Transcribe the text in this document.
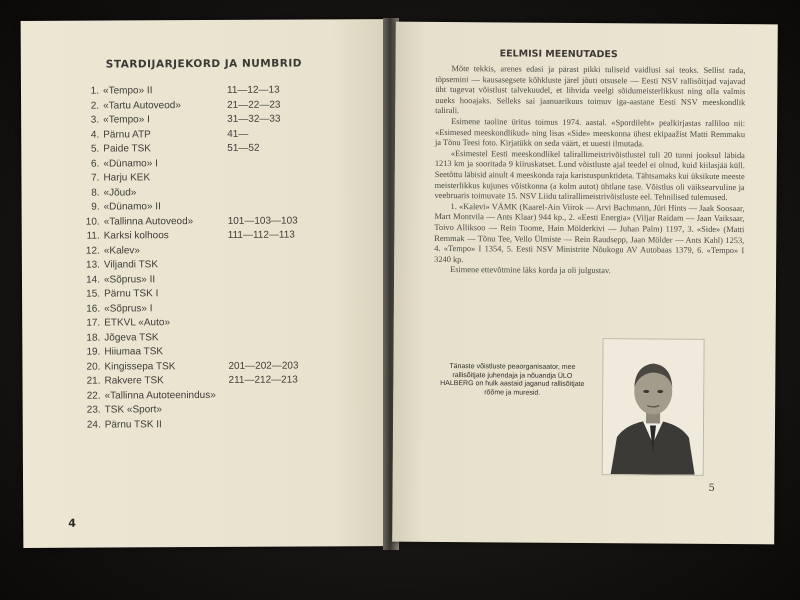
STARDIJARJEKORD JA NUMBRID
1. «Tempo» II	11—12—13
2. «Tartu Autoveod»	21—22—23
3. «Tempo» I	31—32—33
4. Pärnu ATP	41—
5. Paide TSK	51—52
6. «Dünamo» I
7. Harju KEK
8. «Jõud»
9. «Dünamo» II
10. «Tallinna Autoveod»	101—103—103
11. Karksi kolhoos	111—112—113
12. «Kalev»
13. Viljandi TSK
14. «Sõprus» II
15. Pärnu TSK I
16. «Sõprus» I
17. ETKVL «Auto»
18. Jõgeva TSK
19. Hiiumaa TSK
20. Kingissepa TSK	201—202—203
21. Rakvere TSK	211—212—213
22. «Tallinna Autoteenindus»
23. TSK «Sport»
24. Pärnu TSK II
4
EELMISI MEENUTADES

Mõte tekkis, arenes edasi ja pärast pikki tuliseid vaidlusi sai teoks. Sellist rada, tõpsemini — kausasegsete kõhkluste järel jõuti otsusele — Eesti NSV rallisõitjad vajavad üht tugevat võistlust talvekuudel, et lihvida veelgi sõidumeisterlikkust ning olla valmis uueks hooajaks. Selleks sai jaanuarikuus toimuv iga-aastane Eesti NSV meeskondlik talirali.

Esimene taoline üritus toimus 1974. aastal. «Spordileht» pealkirjastas ralliloo nii: «Esimesed meeskondlikud» ning lisas «Side» meeskonna ühest ekipaažist Matti Remmaku ja Tõnu Teesi foto. Kirjatükk on seda väärt, et uuesti ilmutada.

«Esimestel Eesti meeskondlikel talirallimeistrivõistlustel tuli 20 tunni jooksul läbida 1213 km ja sooritada 9 kiiruskatset. Lund võistluste ajal teedel ei olnud, kuid kiilasjää küll. Seetõttu läbisid ainult 4 meeskonda raja karistuspunktideta. Tähtsamaks kui üksikute meeste meisterlikkus kujunes võistkonna (a kolm autot) ühtlane tase. Võistlus oli väiksearvuline ja veebruaris toimuvate 15. NSV Liidu talirallimeistrivõistluste eel. Tehnilised tulemused.

1. «Kalevi» VÄMK (Kaarel-Ain Viirok — Arvi Bachmann, Jüri Hints — Jaak Soosaar, Mart Montvila — Ants Klaar) 944 kp., 2. «Eesti Energia» (Viljar Raidam — Jaan Vaiksaar, Toivo Alliksoo — Rein Toome, Hain Mölderkivi — Juhan Palm) 1197, 3. «Side» (Matti Remmak — Tõnu Tee, Vello Ülmiste — Rein Raudsepp, Jaan Mölder — Ants Kahl) 1253, 4. «Tempo» I 1354, 5. Eesti NSV Ministrite Nõukogu AV Autobaas 1379, 6. «Tempo» I 3240 kp.

Esimene ettevõtmine läks korda ja oli julgustav.

Tänaste võistluste peaorganisaator, mee rallisõitjate juhendaja ja nõuandja ÜLO HALBERG on hulk aastaid jaganud rallisõitjate rõõme ja muresid.
5
